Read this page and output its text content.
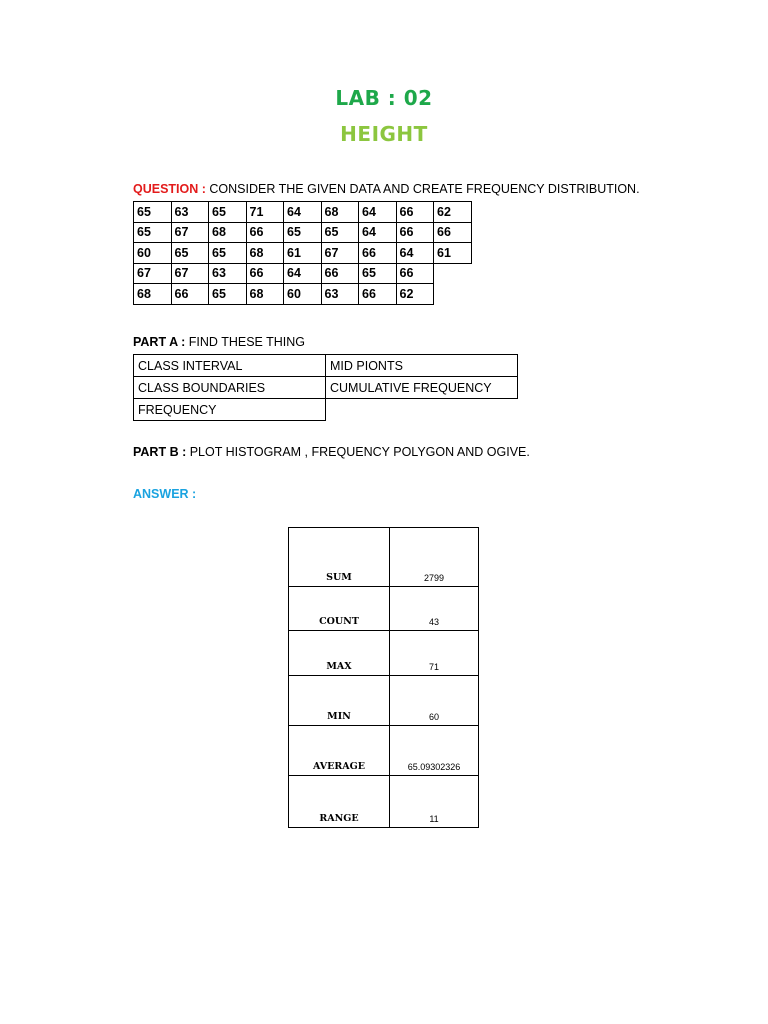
LAB : 02
HEIGHT
QUESTION : CONSIDER THE GIVEN DATA AND CREATE FREQUENCY DISTRIBUTION.
65	63	65	71	64	68	64	66	62
65	67	68	66	65	65	64	66	66
60	65	65	68	61	67	66	64	61
67	67	63	66	64	66	65	66	
68	66	65	68	60	63	66	62	
PART A : FIND THESE THING
CLASS INTERVAL	MID PIONTS
CLASS BOUNDARIES	CUMULATIVE FREQUENCY
FREQUENCY	
PART B : PLOT HISTOGRAM , FREQUENCY POLYGON AND OGIVE.
ANSWER :
SUM	2799
COUNT	43
MAX	71
MIN	60
AVERAGE	65.09302326
RANGE	11
